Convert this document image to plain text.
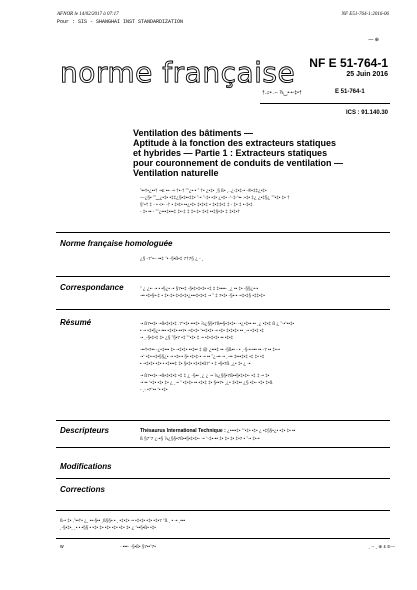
AFNOR le 14/02/2017 à 07:17
Pour : SIS - SHANGHAI INST STANDARDIZATION
NF E51-764-1:2016-06
— ⊕
norme française NF E 51-764-1
25 Juin 2016
†.♫• .-- ⅞‿•◦•◦‡•†	E 51-764-1
ICS : 91.140.30
Ventilation des bâtiments —
Aptitude à la fonction des extracteurs statiques
et hybrides — Partie 1 : Extracteurs statiques
pour couronnement de conduits de ventilation —
Ventilation naturelle
˜••†•¿••† -•£ ••- -• †•-† ˜˜¿•-• ˜ †• ¿•‡• ¸§ ß• ¸..¿◦‡•‡-• -®•‡‡¿•‡•
—¿§• ˜˜‿¿•‡• •‡‡¿§•‡••‡‡• ˜-• ˜-‡• •‡• ¿•‡• -ˆ-‡-ˆ•• .•‡• ‡¿ ¿•‡§¿ ˜˜•‡• ‡• †
§ˆ•† ‡ - • <•- -† • ‡•‡• ••¿•‡• ‡•‡•‡ • ‡•‡‡•‡ ‡ - ‡• ‡ •-‡•‡
- ‡• •• - ˜˜¿•••‡•••‡ ‡•-‡ ‡ ‡•-‡• ‡•‡ ••‡§•‡• ‡ ‡•‡•†
Norme française homologuée
¿§ -7ˆ•-- ••‡ ˆ• -§•ß•‡ 7†7§ ¿ - ¸
Correspondance	˜ ¿ ¿•- -• • •§¿• -• §7••‡ -§•‡•‡•‡• •‡ ‡ ‡••••- ¸¿ •• ‡• -§§¿•-•
-•• •‡•§•-‡ • ‡•-‡•-‡•‡•‡•¿•••‡•‡•‡ -• ˜ ‡ 7•‡• -§•-• -•‡•‡§ •‡‡•‡•
Résumé	-• ß7••‡• -•ß•‡•‡•‡ .7ˆ•‡• •••‡• ⅞¿§§•7ß••§•‡•‡•- -•¿•‡•• •• ¸¿ •‡•‡ ß ¿ ˜-•ˆ••‡•
• -• •‡•§¿• ••• •‡•‡•-••7• -•‡•‡• ˆ••‡•‡• -• •‡• ‡•‡•‡• •• ¸-• •‡•‡ •‡
-• ¸-§•‡•‡ ‡• ¿§ ˜§•7 •‡ ˜ˆ•‡• ‡ -• •‡•‡•‡• •• •‡•‡
-••†•7•• -¿•‡••• ‡• -•‡•‡• ••‡•• ‡ @ ¿•••‡ •• -§ß•• - • ¸-§-•-••• •• -7 •• ‡•-•
-•ˆ •‡•-•‡•§§¿• -• •‡•-• §• •‡•‡-• -• •• ˜¿-•• -• ¸-•• ‡•••‡•‡ •‡ ‡• •‡
• -•‡•‡• •‡• • •‡•••‡ ‡• §•‡• •‡•‡•ß7ˆ • ‡ •§•7ß ¸¿• ‡• ¿ -•
-• ß7••‡• -•ß•‡•‡•‡ •‡ ‡ ¿ -§•• ¸¿ ¿ -• ⅞¿§§•7ß••§•‡•‡•- •‡ ‡ -• ‡•
-• •• ˆ•‡• •‡• ‡• ¿ ¸-• ˜ •‡•‡• •• •‡•‡ ‡• §••7• ¸¿• ‡•‡•• ¿§ •‡•- •‡• ‡•ß
- ¸- •7ˆ•• ˆ• •‡•
Descripteurs	Thésaurus International Technique : ¿••••‡• ˜ˆ•‡• •‡• ¿ •‡§§•¿• •‡• ‡• ••
ß §7ˆ7 ¿-•§ ⅞¿§§•7ß••§•‡•‡•- -• ˆ-‡•-•• ‡• ‡• ‡• ‡•7 • ˜-• ‡•-•
Modifications
Corrections
ß-• ‡• ,˜••†• ¿¸ ••-§•• ¸ß§§• • ¸ •‡•‡• -• •‡•‡• •‡• •‡•7 ˆß ¸ • -• ¸•••
¸-§•‡•¸ ¸• • •§§ • •‡• ‡• •‡• •‡• •‡• ‡• ¿ ˆ••§•ß• •‡•
w	- •••- -§•ß• §7••ˆ7•	¸ -- ¸ ⊕ £ E—
